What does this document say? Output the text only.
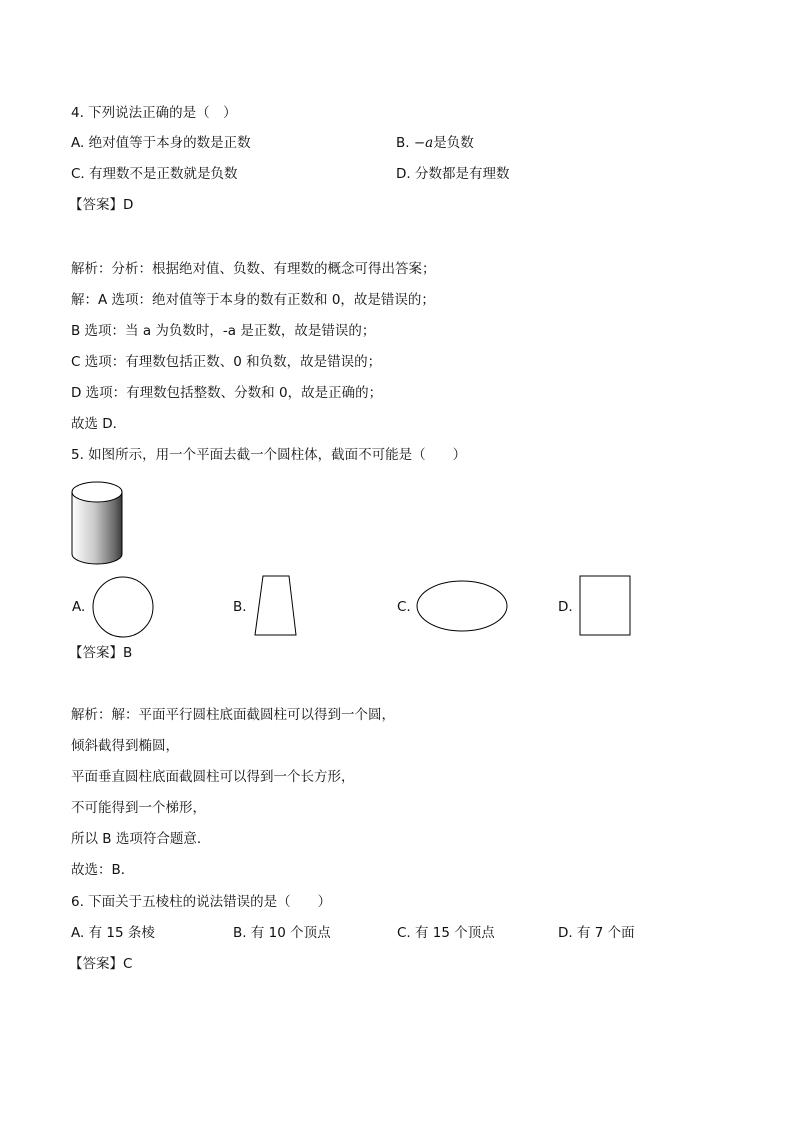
4. 下列说法正确的是（　）
A. 绝对值等于本身的数是正数	B. −a是负数
C. 有理数不是正数就是负数	D. 分数都是有理数
【答案】D
解析：分析：根据绝对值、负数、有理数的概念可得出答案；
解：A 选项：绝对值等于本身的数有正数和 0，故是错误的；
B 选项：当 a 为负数时，-a 是正数，故是错误的；
C 选项：有理数包括正数、0 和负数，故是错误的；
D 选项：有理数包括整数、分数和 0，故是正确的；
故选 D．
5. 如图所示，用一个平面去截一个圆柱体，截面不可能是（　　）
A.	B.	C.	D.
【答案】B
解析：解：平面平行圆柱底面截圆柱可以得到一个圆，
倾斜截得到椭圆，
平面垂直圆柱底面截圆柱可以得到一个长方形，
不可能得到一个梯形，
所以 B 选项符合题意．
故选：B．
6. 下面关于五棱柱的说法错误的是（　　）
A. 有 15 条棱	B. 有 10 个顶点	C. 有 15 个顶点	D. 有 7 个面
【答案】C
